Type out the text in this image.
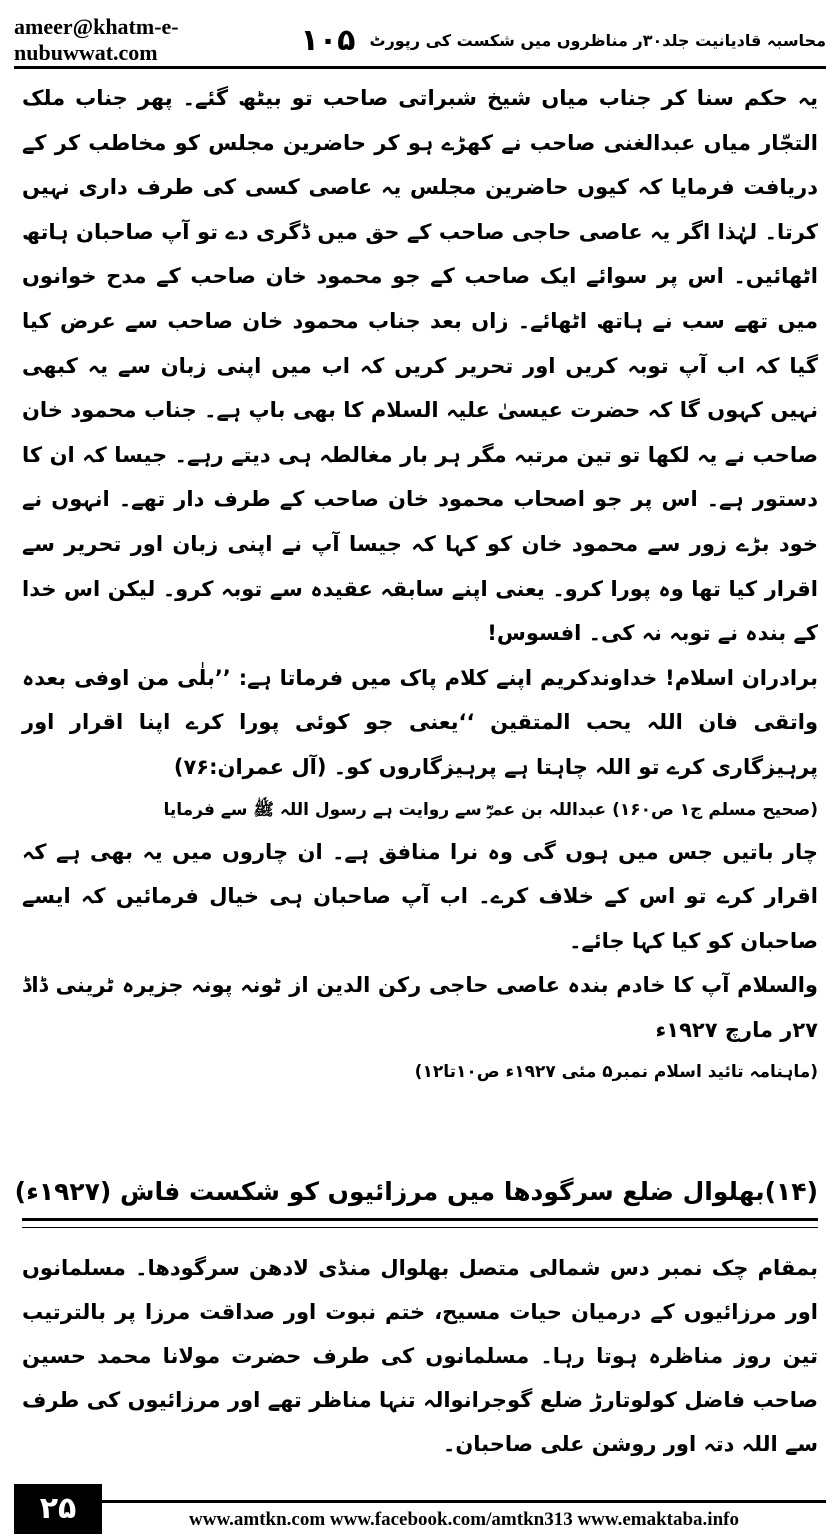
ameer@khatm-e-nubuwwat.com	۱۰۵ محاسبہ قادیانیت جلد۳۰ر مناظروں میں شکست کی رپورٹ

یہ حکم سنا کر جناب میاں شیخ شبراتی صاحب تو بیٹھ گئے۔ پھر جناب ملک التجّار میاں عبدالغنی صاحب نے کھڑے ہو کر حاضرین مجلس کو مخاطب کر کے دریافت فرمایا کہ کیوں حاضرین مجلس یہ عاصی کسی کی طرف داری نہیں کرتا۔ لہٰذا اگر یہ عاصی حاجی صاحب کے حق میں ڈگری دے تو آپ صاحبان ہاتھ اٹھائیں۔ اس پر سوائے ایک صاحب کے جو محمود خان صاحب کے مدح خوانوں میں تھے سب نے ہاتھ اٹھائے۔ زاں بعد جناب محمود خان صاحب سے عرض کیا گیا کہ اب آپ توبہ کریں اور تحریر کریں کہ اب میں اپنی زبان سے یہ کبھی نہیں کہوں گا کہ حضرت عیسیٰ علیہ السلام کا بھی باپ ہے۔ جناب محمود خان صاحب نے یہ لکھا تو تین مرتبہ مگر ہر بار مغالطہ ہی دیتے رہے۔ جیسا کہ ان کا دستور ہے۔ اس پر جو اصحاب محمود خان صاحب کے طرف دار تھے۔ انہوں نے خود بڑے زور سے محمود خان کو کہا کہ جیسا آپ نے اپنی زبان اور تحریر سے اقرار کیا تھا وہ پورا کرو۔ یعنی اپنے سابقہ عقیدہ سے توبہ کرو۔ لیکن اس خدا کے بندہ نے توبہ نہ کی۔ افسوس!

برادران اسلام! خداوندکریم اپنے کلام پاک میں فرماتا ہے: ’’بلٰی من اوفی بعدہ واتقی فان اللہ یحب المتقین ‘‘یعنی جو کوئی پورا کرے اپنا اقرار اور پرہیزگاری کرے تو اللہ چاہتا ہے پرہیزگاروں کو۔ (آل عمران:۷۶)

(صحیح مسلم ج۱ ص۱۶۰) عبداللہ بن عمرؓ سے روایت ہے رسول اللہ ﷺ سے فرمایا

چار باتیں جس میں ہوں گی وہ نرا منافق ہے۔ ان چاروں میں یہ بھی ہے کہ اقرار کرے تو اس کے خلاف کرے۔ اب آپ صاحبان ہی خیال فرمائیں کہ ایسے صاحبان کو کیا کہا جائے۔

والسلام آپ کا خادم بندہ عاصی حاجی رکن الدین از ٹونہ پونہ جزیرہ ٹرینی ڈاڈ ۲۷ر مارچ ۱۹۲۷ء

(ماہنامہ تائید اسلام نمبر۵ مئی ۱۹۲۷ء ص۱۰تا۱۲)

(۱۴)بھلوال ضلع سرگودھا میں مرزائیوں کو شکست فاش (۱۹۲۷ء)

بمقام چک نمبر دس شمالی متصل بھلوال منڈی لادھن سرگودھا۔ مسلمانوں اور مرزائیوں کے درمیان حیات مسیح، ختم نبوت اور صداقت مرزا پر بالترتیب تین روز مناظرہ ہوتا رہا۔ مسلمانوں کی طرف حضرت مولانا محمد حسین صاحب فاضل کولوتارڑ ضلع گوجرانوالہ تنہا مناظر تھے اور مرزائیوں کی طرف سے اللہ دتہ اور روشن علی صاحبان۔

۲۵	www.amtkn.com www.facebook.com/amtkn313 www.emaktaba.info
